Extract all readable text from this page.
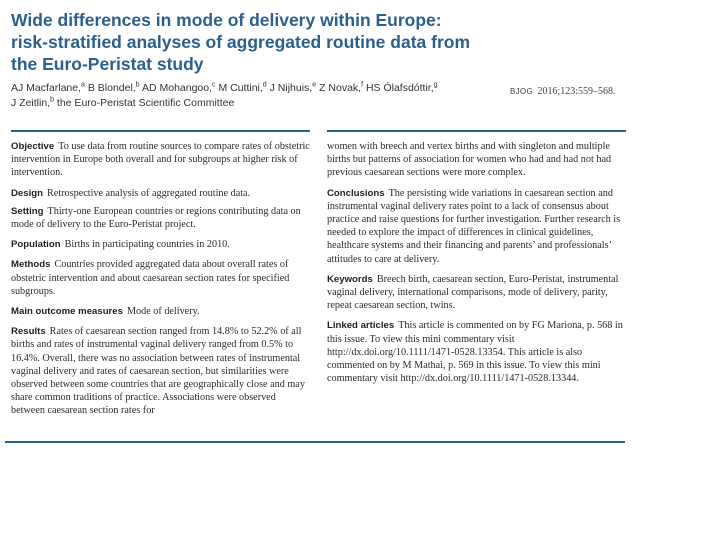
Wide differences in mode of delivery within Europe: risk-stratified analyses of aggregated routine data from the Euro-Peristat study
AJ Macfarlane,$^a$ B Blondel,$^b$ AD Mohangoo,$^c$ M Cuttini,$^d$ J Nijhuis,$^e$ Z Novak,$^f$ HS Ólafsdóttir,$^g$
J Zeitlin,$^b$ the Euro-Peristat Scientific Committee
BJOG 2016;123:559–568.
Objective To use data from routine sources to compare rates of obstetric intervention in Europe both overall and for subgroups at higher risk of intervention.
Design Retrospective analysis of aggregated routine data.
Setting Thirty-one European countries or regions contributing data on mode of delivery to the Euro-Peristat project.
Population Births in participating countries in 2010.
Methods Countries provided aggregated data about overall rates of obstetric intervention and about caesarean section rates for specified subgroups.
Main outcome measures Mode of delivery.
Results Rates of caesarean section ranged from 14.8% to 52.2% of all births and rates of instrumental vaginal delivery ranged from 0.5% to 16.4%. Overall, there was no association between rates of instrumental vaginal delivery and rates of caesarean section, but similarities were observed between some countries that are geographically close and may share common traditions of practice. Associations were observed between caesarean section rates for
women with breech and vertex births and with singleton and multiple births but patterns of association for women who had and had not had previous caesarean sections were more complex.
Conclusions The persisting wide variations in caesarean section and instrumental vaginal delivery rates point to a lack of consensus about practice and raise questions for further investigation. Further research is needed to explore the impact of differences in clinical guidelines, healthcare systems and their financing and parents’ and professionals’ attitudes to care at delivery.
Keywords Breech birth, caesarean section, Euro-Peristat, instrumental vaginal delivery, international comparisons, mode of delivery, parity, repeat caesarean section, twins.
Linked articles This article is commented on by FG Mariona, p. 568 in this issue. To view this mini commentary visit http://dx.doi.org/10.1111/1471-0528.13354. This article is also commented on by M Mathai, p. 569 in this issue. To view this mini commentary visit http://dx.doi.org/10.1111/1471-0528.13344.
